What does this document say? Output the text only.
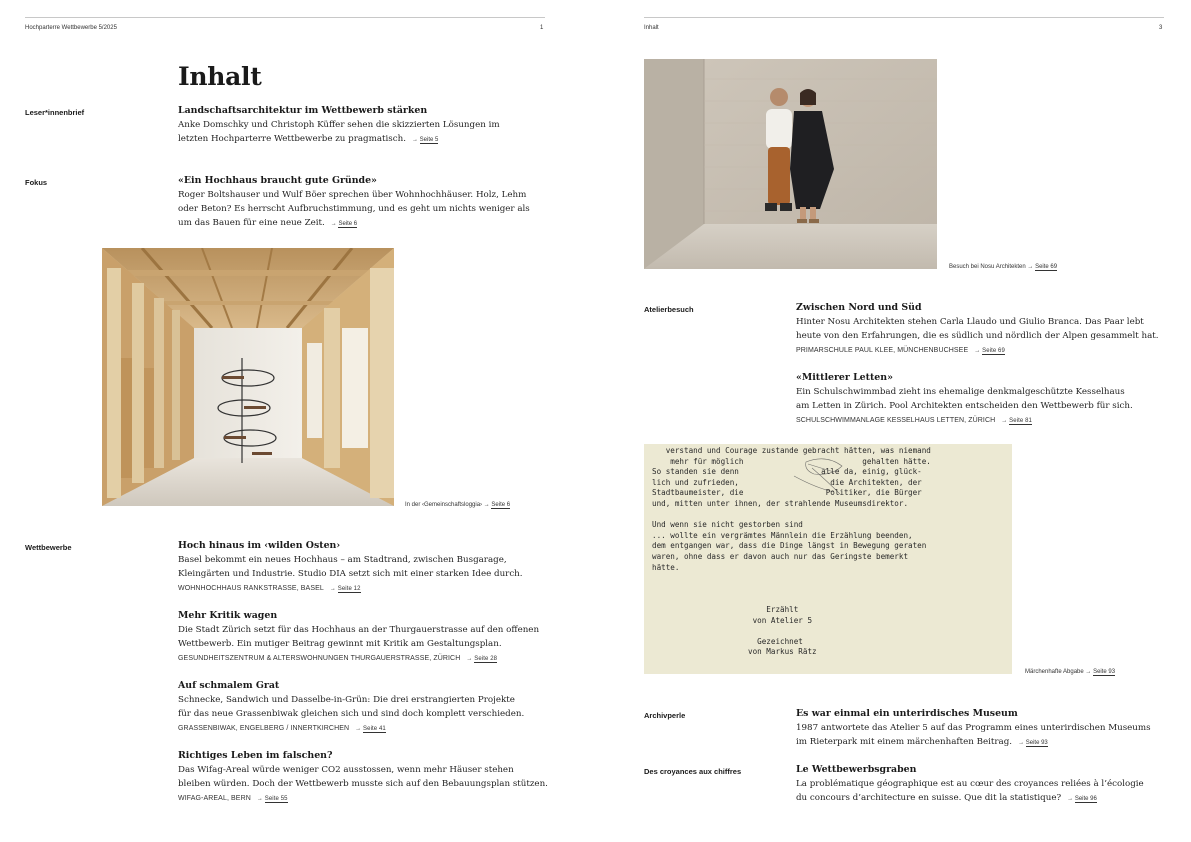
Hochparterre Wettbewerbe 5/2025	1
Inhalt
Leser*innenbrief	Landschaftsarchitektur im Wettbewerb stärken

Anke Domschky und Christoph Küffer sehen die skizzierten Lösungen im
letzten Hochparterre Wettbewerbe zu pragmatisch. → Seite 5

Fokus	«Ein Hochhaus braucht gute Gründe»

Roger Boltshauser und Wulf Böer sprechen über Wohnhochhäuser. Holz, Lehm
oder Beton? Es herrscht Aufbruchstimmung, und es geht um nichts weniger als
um das Bauen für eine neue Zeit. → Seite 6

In der ‹Gemeinschaftsloggia› → Seite 6
Wettbewerbe	Hoch hinaus im ‹wilden Osten›

Basel bekommt ein neues Hochhaus – am Stadtrand, zwischen Busgarage,
Kleingärten und Industrie. Studio DIA setzt sich mit einer starken Idee durch.

WOHNHOCHHAUS RANKSTRASSE, BASEL → Seite 12
Mehr Kritik wagen

Die Stadt Zürich setzt für das Hochhaus an der Thurgauerstrasse auf den offenen
Wettbewerb. Ein mutiger Beitrag gewinnt mit Kritik am Gestaltungsplan.

GESUNDHEITSZENTRUM & ALTERSWOHNUNGEN THURGAUERSTRASSE, ZÜRICH → Seite 28
Auf schmalem Grat

Schnecke, Sandwich und Dasselbe-in-Grün: Die drei erstrangierten Projekte
für das neue Grassenbiwak gleichen sich und sind doch komplett verschieden.

GRASSENBIWAK, ENGELBERG / INNERTKIRCHEN → Seite 41
Richtiges Leben im falschen?

Das Wifag-Areal würde weniger CO2 ausstossen, wenn mehr Häuser stehen
bleiben würden. Doch der Wettbewerb musste sich auf den Bebauungsplan stützen.

WIFAG-AREAL, BERN → Seite 55
Inhalt	3
Besuch bei Nosu Architekten → Seite 69
Atelierbesuch	Zwischen Nord und Süd

Hinter Nosu Architekten stehen Carla Llaudo und Giulio Branca. Das Paar lebt
heute von den Erfahrungen, die es südlich und nördlich der Alpen gesammelt hat.

PRIMARSCHULE PAUL KLEE, MÜNCHENBUCHSEE → Seite 69
«Mittlerer Letten»

Ein Schulschwimmbad zieht ins ehemalige denkmalgeschützte Kesselhaus
am Letten in Zürich. Pool Architekten entscheiden den Wettbewerb für sich.

SCHULSCHWIMMANLAGE KESSELHAUS LETTEN, ZÜRICH → Seite 81
verstand und Courage zustande gebracht hätten, was niemand
mehr für möglich                          gehalten hätte.
So standen sie denn                  alle da, einig, glück-
lich und zufrieden,                    die Architekten, der
Stadtbaumeister, die                  Politiker, die Bürger
und, mitten unter ihnen, der strahlende Museumsdirektor.

Und wenn sie nicht gestorben sind
... wollte ein vergrämtes Männlein die Erzählung beenden,
dem entgangen war, dass die Dinge längst in Bewegung geraten
waren, ohne dass er davon auch nur das Geringste bemerkt
hätte.

Erzählt
von Atelier 5

Gezeichnet
von Markus Rätz
Märchenhafte Abgabe → Seite 93
Archivperle	Es war einmal ein unterirdisches Museum

1987 antwortete das Atelier 5 auf das Programm eines unterirdischen Museums
im Rieterpark mit einem märchenhaften Beitrag. → Seite 93

Des croyances aux chiffres	Le Wettbewerbsgraben

La problématique géographique est au cœur des croyances reliées à l’écologie
du concours d’architecture en suisse. Que dit la statistique? → Seite 96
